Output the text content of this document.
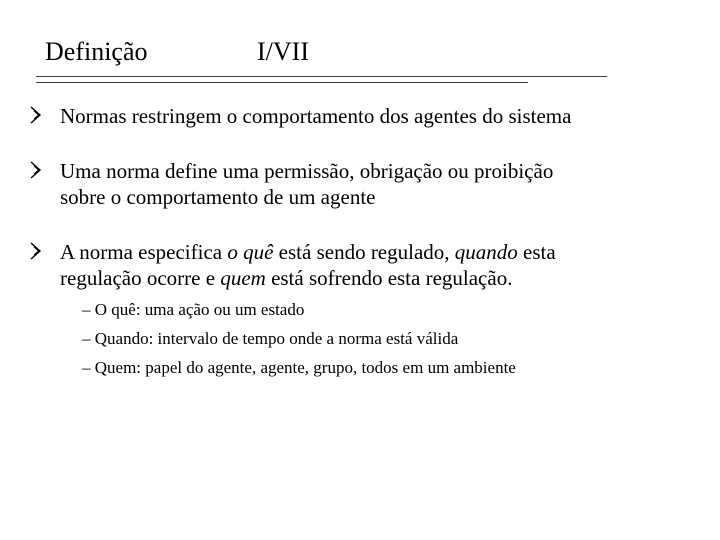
Definição	I/VII
Normas restringem o comportamento dos agentes do sistema
Uma norma define uma permissão, obrigação ou proibição
sobre o comportamento de um agente
A norma especifica o quê está sendo regulado, quando esta
regulação ocorre e quem está sofrendo esta regulação.
– O quê: uma ação ou um estado
– Quando: intervalo de tempo onde a norma está válida
– Quem: papel do agente, agente, grupo, todos em um ambiente
